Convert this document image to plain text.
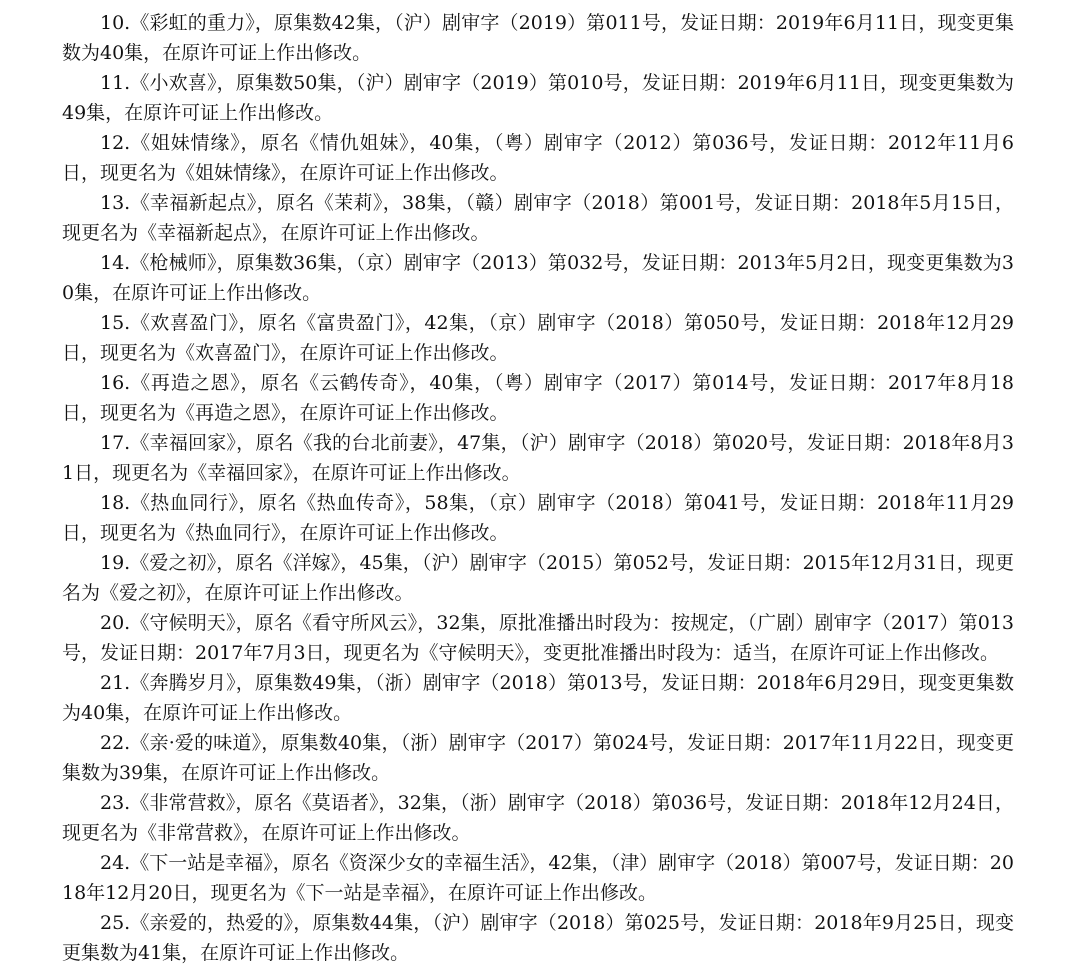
10.《彩虹的重力》，原集数42集，（沪）剧审字（2019）第011号，发证日期：2019年6月11日，现变更集数为40集，在原许可证上作出修改。

11.《小欢喜》，原集数50集，（沪）剧审字（2019）第010号，发证日期：2019年6月11日，现变更集数为49集，在原许可证上作出修改。

12.《姐妹情缘》，原名《情仇姐妹》，40集，（粤）剧审字（2012）第036号，发证日期：2012年11月6日，现更名为《姐妹情缘》，在原许可证上作出修改。

13.《幸福新起点》，原名《茉莉》，38集，（赣）剧审字（2018）第001号，发证日期：2018年5月15日，现更名为《幸福新起点》，在原许可证上作出修改。

14.《枪械师》，原集数36集，（京）剧审字（2013）第032号，发证日期：2013年5月2日，现变更集数为30集，在原许可证上作出修改。

15.《欢喜盈门》，原名《富贵盈门》，42集，（京）剧审字（2018）第050号，发证日期：2018年12月29日，现更名为《欢喜盈门》，在原许可证上作出修改。

16.《再造之恩》，原名《云鹤传奇》，40集，（粤）剧审字（2017）第014号，发证日期：2017年8月18日，现更名为《再造之恩》，在原许可证上作出修改。

17.《幸福回家》，原名《我的台北前妻》，47集，（沪）剧审字（2018）第020号，发证日期：2018年8月31日，现更名为《幸福回家》，在原许可证上作出修改。

18.《热血同行》，原名《热血传奇》，58集，（京）剧审字（2018）第041号，发证日期：2018年11月29日，现更名为《热血同行》，在原许可证上作出修改。

19.《爱之初》，原名《洋嫁》，45集，（沪）剧审字（2015）第052号，发证日期：2015年12月31日，现更名为《爱之初》，在原许可证上作出修改。

20.《守候明天》，原名《看守所风云》，32集，原批准播出时段为：按规定，（广剧）剧审字（2017）第013号，发证日期：2017年7月3日，现更名为《守候明天》，变更批准播出时段为：适当，在原许可证上作出修改。

21.《奔腾岁月》，原集数49集，（浙）剧审字（2018）第013号，发证日期：2018年6月29日，现变更集数为40集，在原许可证上作出修改。

22.《亲·爱的味道》，原集数40集，（浙）剧审字（2017）第024号，发证日期：2017年11月22日，现变更集数为39集，在原许可证上作出修改。

23.《非常营救》，原名《莫语者》，32集，（浙）剧审字（2018）第036号，发证日期：2018年12月24日，现更名为《非常营救》，在原许可证上作出修改。

24.《下一站是幸福》，原名《资深少女的幸福生活》，42集，（津）剧审字（2018）第007号，发证日期：2018年12月20日，现更名为《下一站是幸福》，在原许可证上作出修改。

25.《亲爱的，热爱的》，原集数44集，（沪）剧审字（2018）第025号，发证日期：2018年9月25日，现变更集数为41集，在原许可证上作出修改。
